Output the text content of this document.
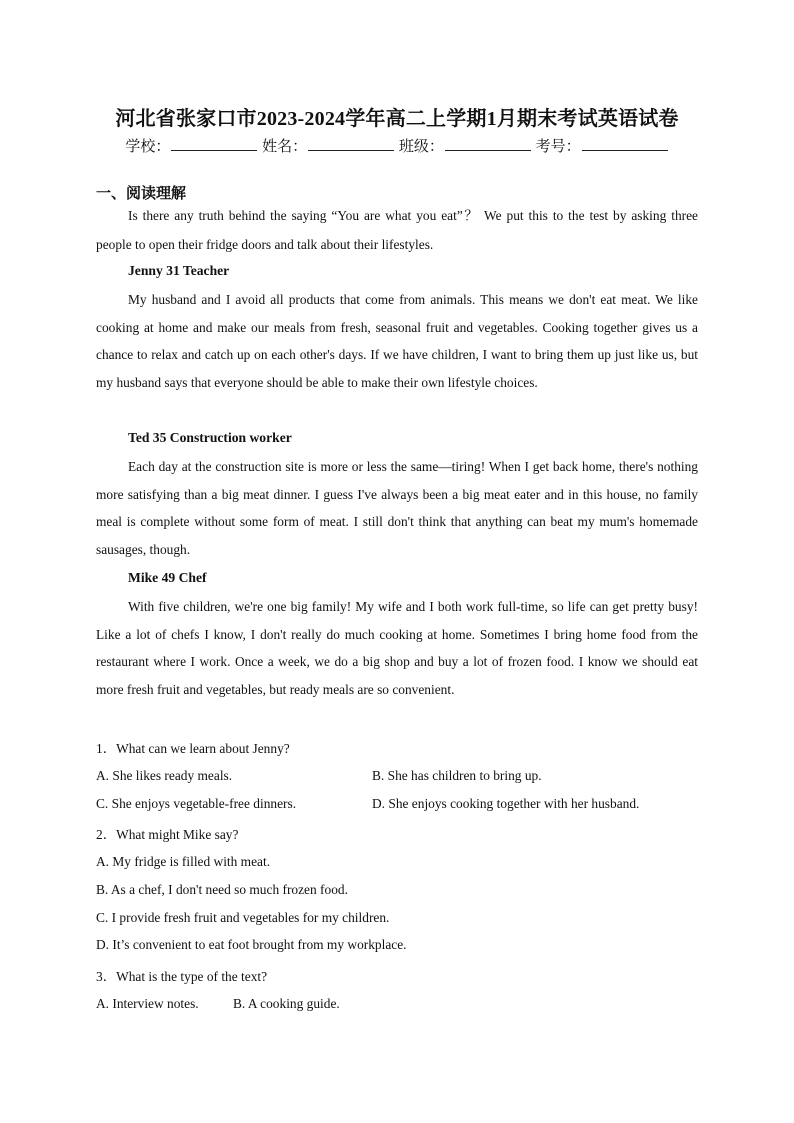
河北省张家口市2023-2024学年高二上学期1月期末考试英语试卷
学校：	姓名：	班级：	考号：
一、阅读理解
Is there any truth behind the saying “You are what you eat”？ We put this to the test by asking three people to open their fridge doors and talk about their lifestyles.
Jenny 31 Teacher
My husband and I avoid all products that come from animals. This means we don't eat meat. We like cooking at home and make our meals from fresh, seasonal fruit and vegetables. Cooking together gives us a chance to relax and catch up on each other's days. If we have children, I want to bring them up just like us, but my husband says that everyone should be able to make their own lifestyle choices.
Ted 35 Construction worker
Each day at the construction site is more or less the same—tiring! When I get back home, there's nothing more satisfying than a big meat dinner. I guess I've always been a big meat eater and in this house, no family meal is complete without some form of meat. I still don't think that anything can beat my mum's homemade sausages, though.
Mike 49 Chef
With five children, we're one big family! My wife and I both work full-time, so life can get pretty busy! Like a lot of chefs I know, I don't really do much cooking at home. Sometimes I bring home food from the restaurant where I work. Once a week, we do a big shop and buy a lot of frozen food. I know we should eat more fresh fruit and vegetables, but ready meals are so convenient.
1．What can we learn about Jenny?
A. She likes ready meals.	B. She has children to bring up.
C. She enjoys vegetable-free dinners.	D. She enjoys cooking together with her husband.
2．What might Mike say?
A. My fridge is filled with meat.
B. As a chef, I don't need so much frozen food.
C. I provide fresh fruit and vegetables for my children.
D. It’s convenient to eat foot brought from my workplace.
3．What is the type of the text?
A. Interview notes.	B. A cooking guide.
